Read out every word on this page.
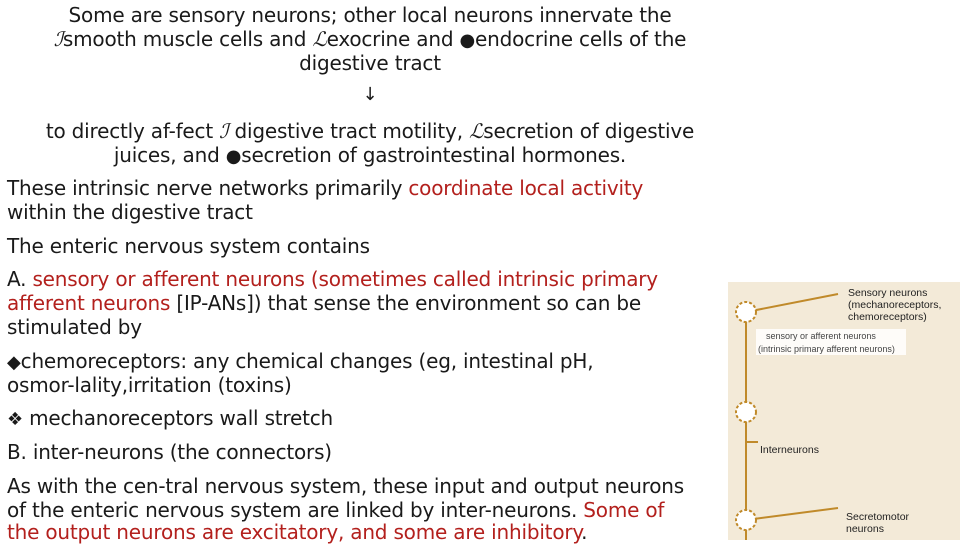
Some are sensory neurons; other local neurons innervate the
ℐsmooth muscle cells and ℒexocrine and ●endocrine cells of the
digestive tract
↓
to directly af-fect ℐ digestive tract motility, ℒsecretion of digestive
juices, and ●secretion of gastrointestinal hormones.
These intrinsic nerve networks primarily coordinate local activity
within the digestive tract
The enteric nervous system contains
A. sensory or afferent neurons (sometimes called intrinsic primary
afferent neurons [IP-ANs]) that sense the environment so can be
stimulated by
◆chemoreceptors: any chemical changes (eg, intestinal pH,
osmor-lality,irritation (toxins)
❖ mechanoreceptors wall stretch
B. inter-neurons (the connectors)
As with the cen-tral nervous system, these input and output neurons
of the enteric nervous system are linked by inter-neurons. Some of
the output neurons are excitatory, and some are inhibitory.
Sensory neurons
(mechanoreceptors,
chemoreceptors)
sensory or afferent neurons
(intrinsic primary afferent neurons)
Interneurons
Secretomotor
neurons
